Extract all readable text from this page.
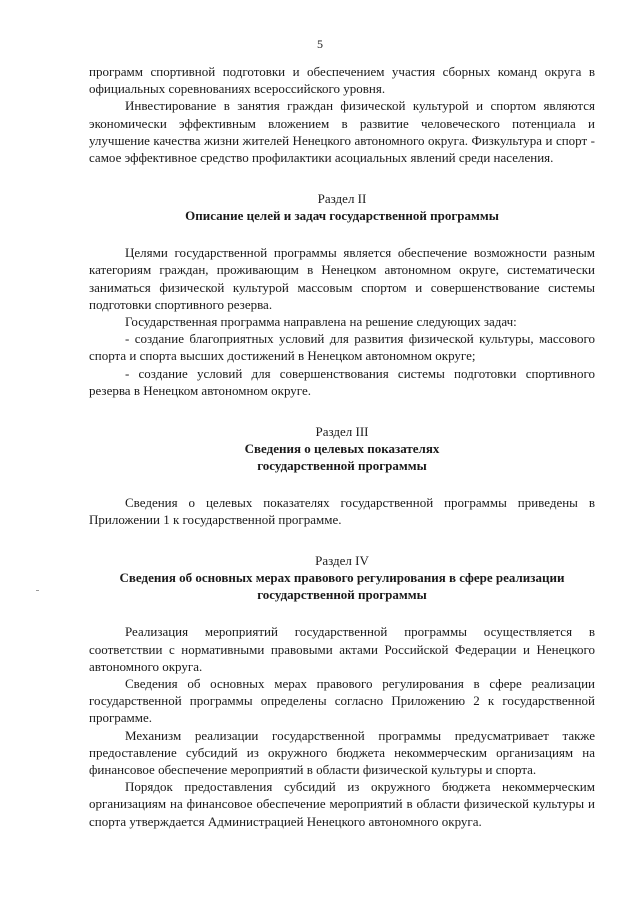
5

программ спортивной подготовки и обеспечением участия сборных команд округа в официальных соревнованиях всероссийского уровня.

Инвестирование в занятия граждан физической культурой и спортом являются экономически эффективным вложением в развитие человеческого потенциала и улучшение качества жизни жителей Ненецкого автономного округа. Физкультура и спорт - самое эффективное средство профилактики асоциальных явлений среди населения.

Раздел II
Описание целей и задач государственной программы

Целями государственной программы является обеспечение возможности разным категориям граждан, проживающим в Ненецком автономном округе, систематически заниматься физической культурой массовым спортом и совершенствование системы подготовки спортивного резерва.

Государственная программа направлена на решение следующих задач:

- создание благоприятных условий для развития физической культуры, массового спорта и спорта высших достижений в Ненецком автономном округе;

- создание условий для совершенствования системы подготовки спортивного резерва в Ненецком автономном округе.

Раздел III
Сведения о целевых показателях
государственной программы

Сведения о целевых показателях государственной программы приведены в Приложении 1 к государственной программе.

Раздел IV
Сведения об основных мерах правового регулирования в сфере реализации
государственной программы

Реализация мероприятий государственной программы осуществляется в соответствии с нормативными правовыми актами Российской Федерации и Ненецкого автономного округа.

Сведения об основных мерах правового регулирования в сфере реализации государственной программы определены согласно Приложению 2 к государственной программе.

Механизм реализации государственной программы предусматривает также предоставление субсидий из окружного бюджета некоммерческим организациям на финансовое обеспечение мероприятий в области физической культуры и спорта.

Порядок предоставления субсидий из окружного бюджета некоммерческим организациям на финансовое обеспечение мероприятий в области физической культуры и спорта утверждается Администрацией Ненецкого автономного округа.
